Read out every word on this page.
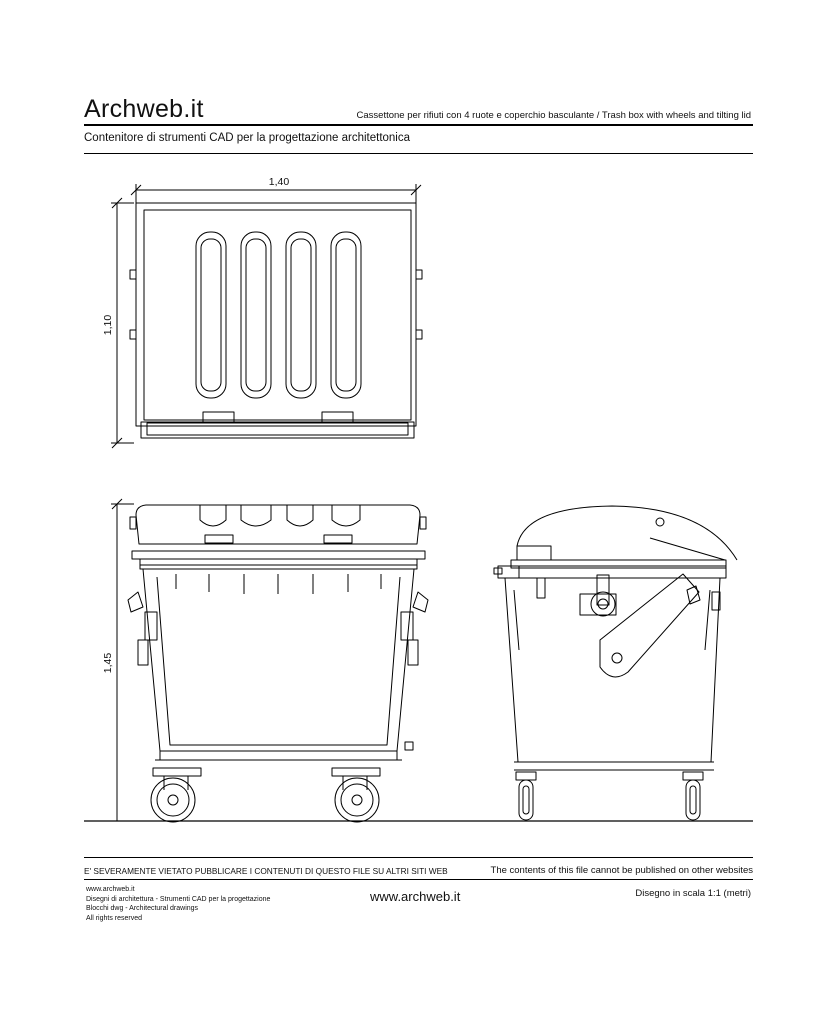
Archweb.it	Cassettone per rifiuti con 4 ruote e coperchio basculante / Trash box with wheels and tilting lid
Contenitore di strumenti CAD per la progettazione architettonica
1,40
1,10
1,45
E' SEVERAMENTE VIETATO PUBBLICARE I CONTENUTI DI QUESTO FILE SU ALTRI SITI WEB	The contents of this file cannot be published on other websites
www.archweb.it
Disegni di architettura - Strumenti CAD per la progettazione
Blocchi dwg - Architectural drawings
All rights reserved
www.archweb.it	Disegno in scala 1:1 (metri)
